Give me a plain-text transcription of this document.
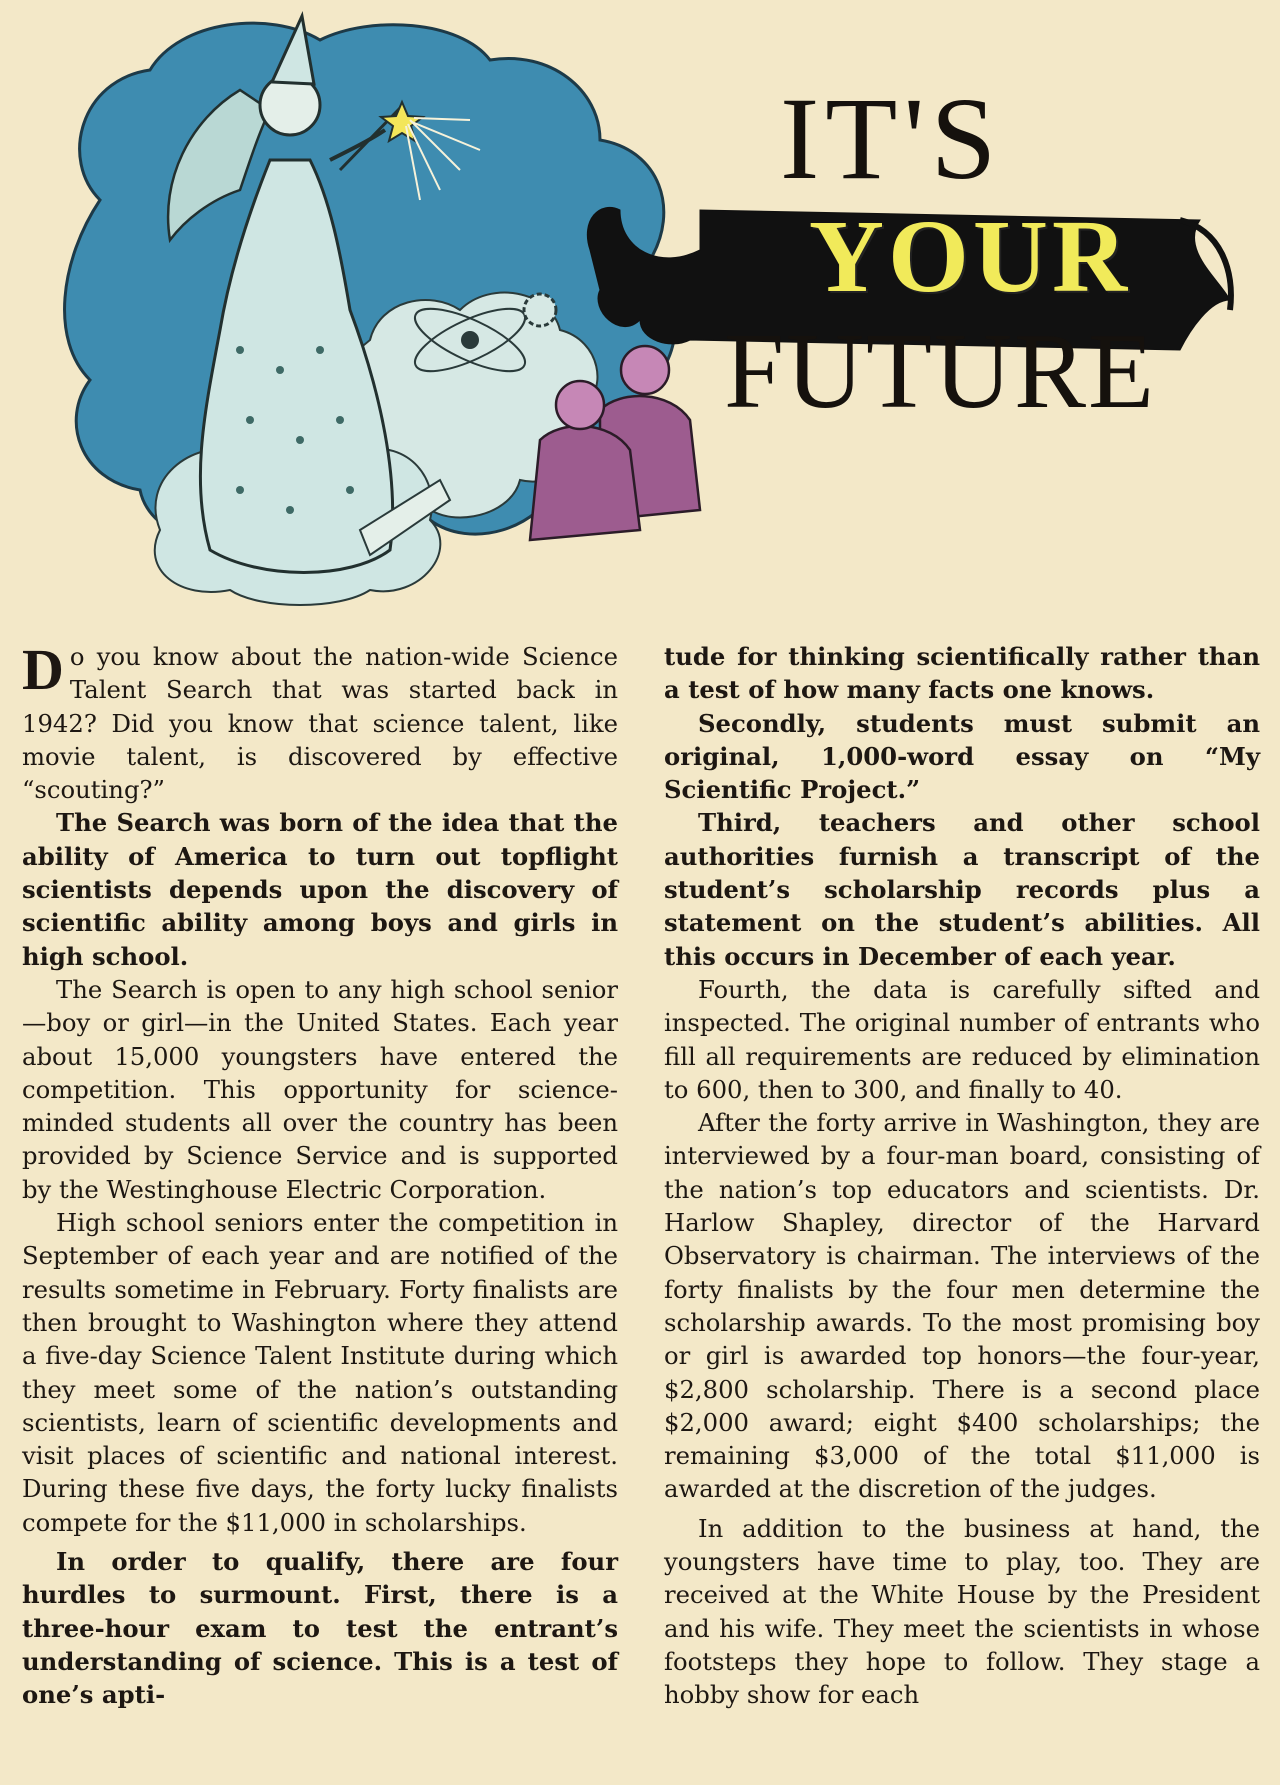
IT'S
YOUR
FUTURE

Do you know about the nation-wide Science Talent Search that was started back in 1942? Did you know that science talent, like movie talent, is discovered by effective “scouting?”

The Search was born of the idea that the ability of America to turn out topflight scientists depends upon the discovery of scientific ability among boys and girls in high school.

The Search is open to any high school senior—boy or girl—in the United States. Each year about 15,000 youngsters have entered the competition. This opportunity for science-minded students all over the country has been provided by Science Service and is supported by the Westinghouse Electric Corporation.

High school seniors enter the competition in September of each year and are notified of the results sometime in February. Forty finalists are then brought to Washington where they attend a five-day Science Talent Institute during which they meet some of the nation’s outstanding scientists, learn of scientific developments and visit places of scientific and national interest. During these five days, the forty lucky finalists compete for the $11,000 in scholarships.

In order to qualify, there are four hurdles to surmount. First, there is a three-hour exam to test the entrant’s understanding of science. This is a test of one’s apti-

tude for thinking scientifically rather than a test of how many facts one knows.

Secondly, students must submit an original, 1,000-word essay on “My Scientific Project.”

Third, teachers and other school authorities furnish a transcript of the student’s scholarship records plus a statement on the student’s abilities. All this occurs in December of each year.

Fourth, the data is carefully sifted and inspected. The original number of entrants who fill all requirements are reduced by elimination to 600, then to 300, and finally to 40.

After the forty arrive in Washington, they are interviewed by a four-man board, consisting of the nation’s top educators and scientists. Dr. Harlow Shapley, director of the Harvard Observatory is chairman. The interviews of the forty finalists by the four men determine the scholarship awards. To the most promising boy or girl is awarded top honors—the four-year, $2,800 scholarship. There is a second place $2,000 award; eight $400 scholarships; the remaining $3,000 of the total $11,000 is awarded at the discretion of the judges.

In addition to the business at hand, the youngsters have time to play, too. They are received at the White House by the President and his wife. They meet the scientists in whose footsteps they hope to follow. They stage a hobby show for each
